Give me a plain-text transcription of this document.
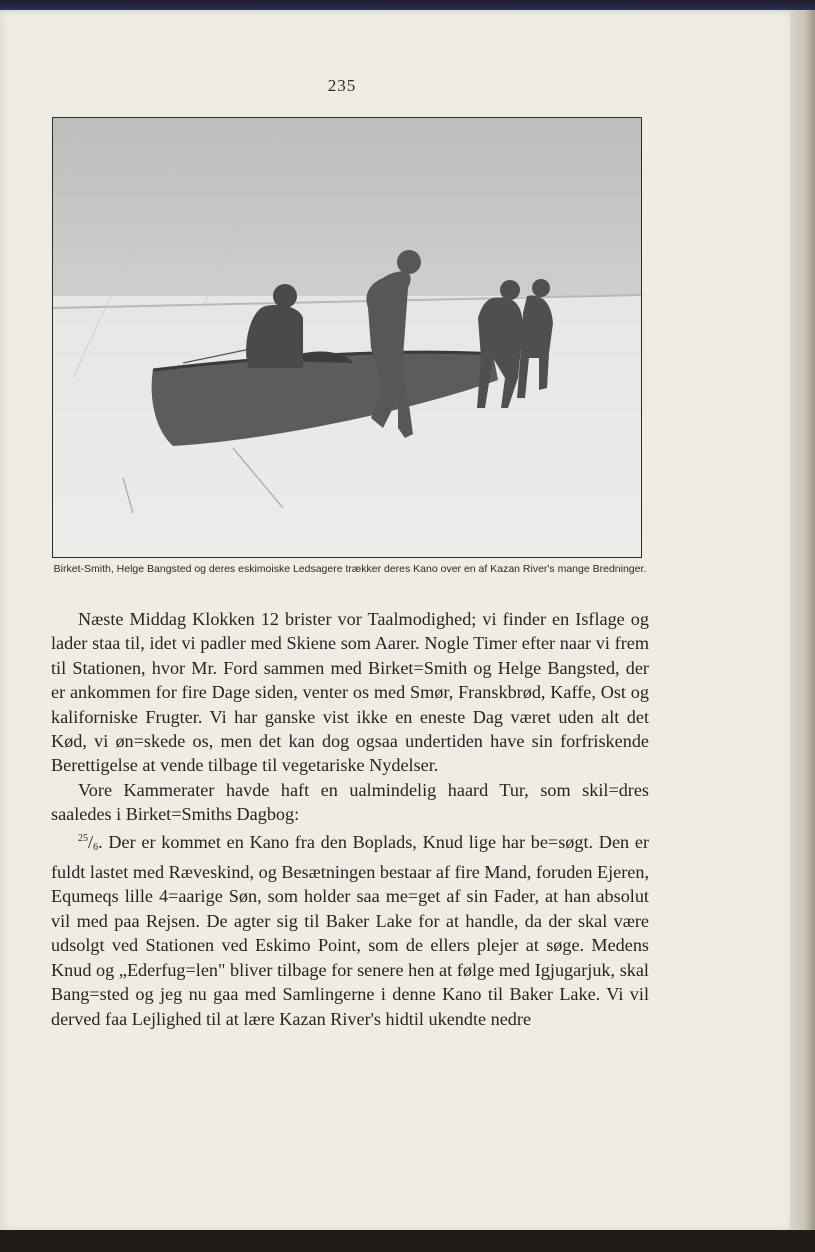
235
Birket-Smith, Helge Bangsted og deres eskimoiske Ledsagere trækker deres Kano over en af Kazan River's mange Bredninger.

Næste Middag Klokken 12 brister vor Taalmodighed; vi finder en Isflage og lader staa til, idet vi padler med Skiene som Aarer. Nogle Timer efter naar vi frem til Stationen, hvor Mr. Ford sammen med Birket=Smith og Helge Bangsted, der er ankommen for fire Dage siden, venter os med Smør, Franskbrød, Kaffe, Ost og kaliforniske Frugter. Vi har ganske vist ikke en eneste Dag været uden alt det Kød, vi øn=skede os, men det kan dog ogsaa undertiden have sin forfriskende Berettigelse at vende tilbage til vegetariske Nydelser.

Vore Kammerater havde haft en ualmindelig haard Tur, som skil=dres saaledes i Birket=Smiths Dagbog:

$^{25}/_6$. Der er kommet en Kano fra den Boplads, Knud lige har be=søgt. Den er fuldt lastet med Ræveskind, og Besætningen bestaar af fire Mand, foruden Ejeren, Equmeqs lille 4=aarige Søn, som holder saa me=get af sin Fader, at han absolut vil med paa Rejsen. De agter sig til Baker Lake for at handle, da der skal være udsolgt ved Stationen ved Eskimo Point, som de ellers plejer at søge. Medens Knud og „Ederfug=len" bliver tilbage for senere hen at følge med Igjugarjuk, skal Bang=sted og jeg nu gaa med Samlingerne i denne Kano til Baker Lake. Vi vil derved faa Lejlighed til at lære Kazan River's hidtil ukendte nedre
